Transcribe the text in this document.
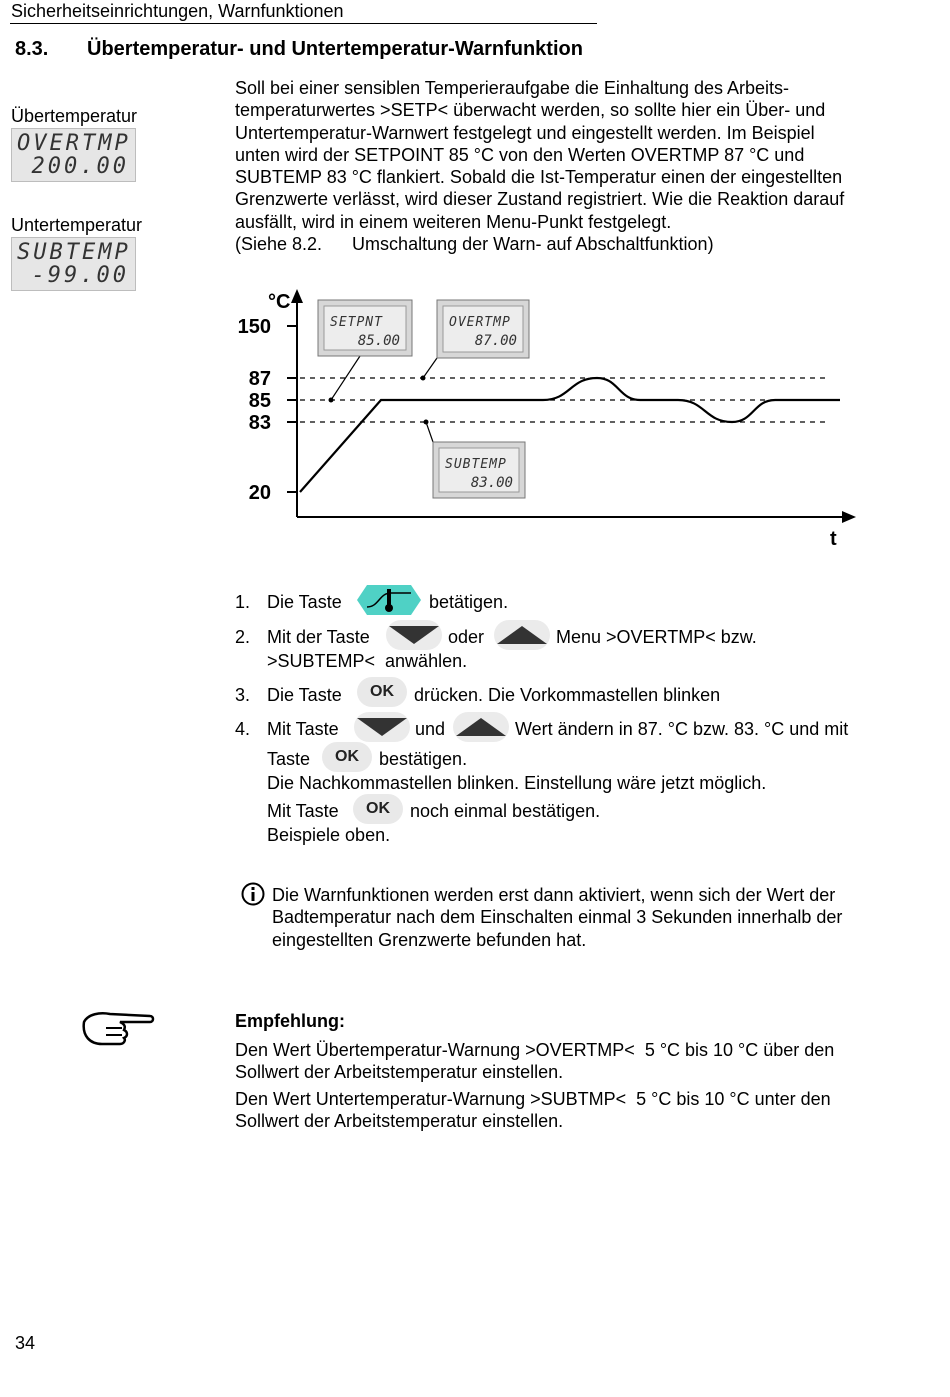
Sicherheitseinrichtungen, Warnfunktionen
8.3. Übertemperatur- und Untertemperatur-Warnfunktion
Übertemperatur
OVERTMP
200.00
Untertemperatur
SUBTEMP
-99.00
Soll bei einer sensiblen Temperieraufgabe die Einhaltung des Arbeits-
temperaturwertes >SETP< überwacht werden, so sollte hier ein Über- und
Untertemperatur-Warnwert festgelegt und eingestellt werden. Im Beispiel
unten wird der SETPOINT 85 °C von den Werten OVERTMP 87 °C und
SUBTEMP 83 °C flankiert. Sobald die Ist-Temperatur einen der eingestellten
Grenzwerte verlässt, wird dieser Zustand registriert. Wie die Reaktion darauf
ausfällt, wird in einem weiteren Menu-Punkt festgelegt.
(Siehe 8.2.      Umschaltung der Warn- auf Abschaltfunktion)
°C
t
150
87
85
83
20
SETPNT
85.00
OVERTMP
87.00
SUBTEMP
83.00
1. Die Taste	betätigen.
2. Mit der Taste	oder	Menu >OVERTMP< bzw.
>SUBTEMP<  anwählen.
3. Die Taste	OK	drücken. Die Vorkommastellen blinken
4. Mit Taste	und	Wert ändern in 87. °C bzw. 83. °C und mit
Taste	OK	bestätigen.
Die Nachkommastellen blinken. Einstellung wäre jetzt möglich.
Mit Taste	OK	noch einmal bestätigen.
Beispiele oben.
Die Warnfunktionen werden erst dann aktiviert, wenn sich der Wert der
Badtemperatur nach dem Einschalten einmal 3 Sekunden innerhalb der
eingestellten Grenzwerte befunden hat.
Empfehlung:
Den Wert Übertemperatur-Warnung >OVERTMP<  5 °C bis 10 °C über den
Sollwert der Arbeitstemperatur einstellen.
Den Wert Untertemperatur-Warnung >SUBTMP<  5 °C bis 10 °C unter den
Sollwert der Arbeitstemperatur einstellen.
34
